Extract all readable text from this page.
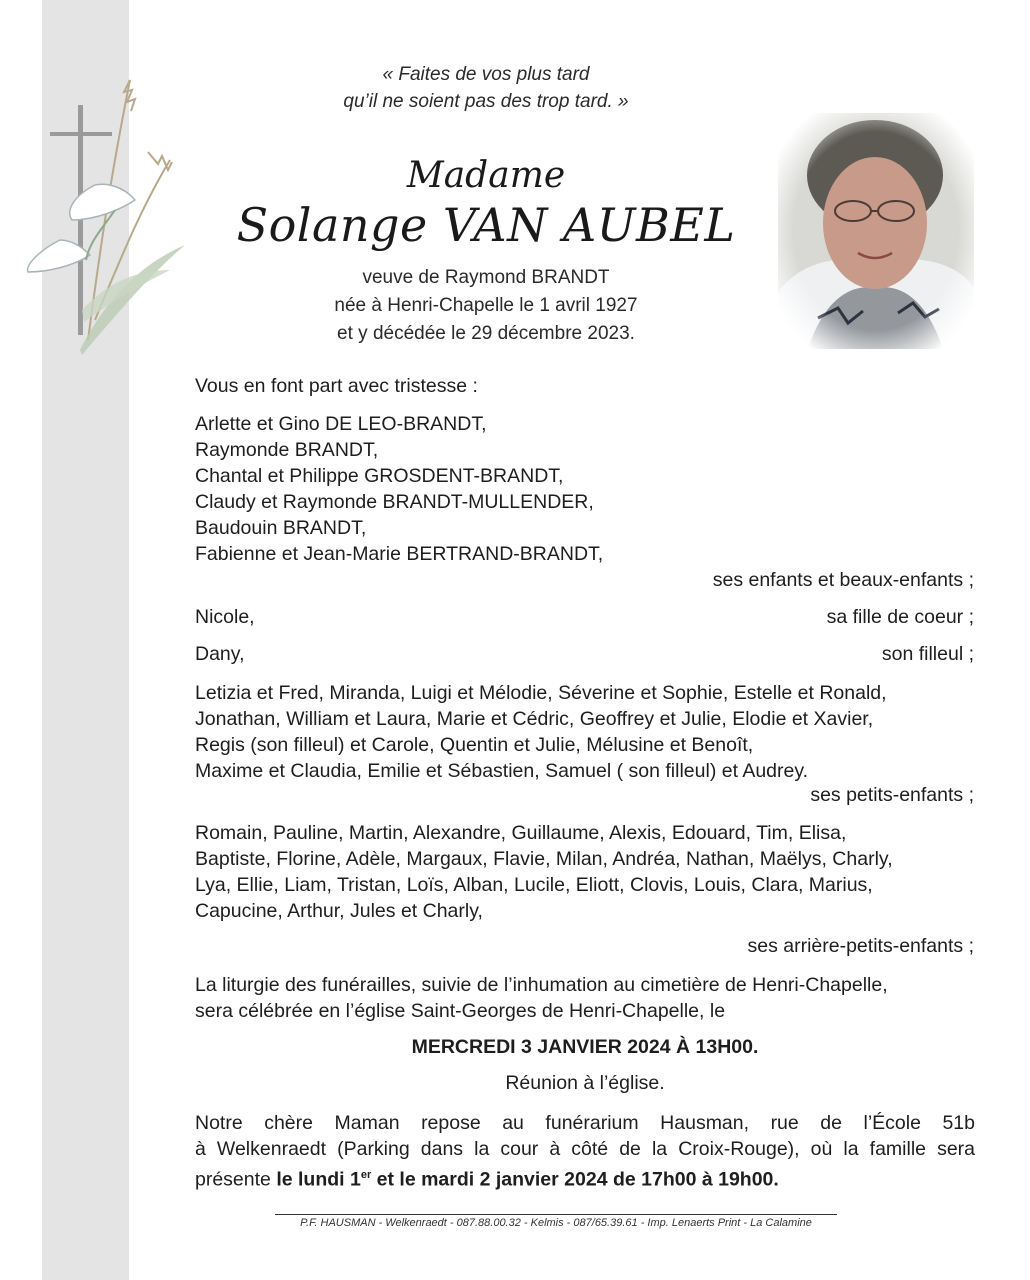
« Faites de vos plus tard
qu’il ne soient pas des trop tard. »
Madame
Solange VAN AUBEL
veuve de Raymond BRANDT
née à Henri-Chapelle le 1 avril 1927
et y décédée le 29 décembre 2023.
Vous en font part avec tristesse :
Arlette et Gino DE LEO-BRANDT,
Raymonde BRANDT,
Chantal et Philippe GROSDENT-BRANDT,
Claudy et Raymonde BRANDT-MULLENDER,
Baudouin BRANDT,
Fabienne et Jean-Marie BERTRAND-BRANDT,
ses enfants et beaux-enfants ;
Nicole,	sa fille de coeur ;
Dany,	son filleul ;
Letizia et Fred, Miranda, Luigi et Mélodie, Séverine et Sophie, Estelle et Ronald,
Jonathan, William et Laura, Marie et Cédric, Geoffrey et Julie, Elodie et Xavier,
Regis (son filleul) et Carole, Quentin et Julie, Mélusine et Benoît,
Maxime et Claudia, Emilie et Sébastien, Samuel ( son filleul) et Audrey.
ses petits-enfants ;
Romain, Pauline, Martin, Alexandre, Guillaume, Alexis, Edouard, Tim, Elisa,
Baptiste, Florine, Adèle, Margaux, Flavie, Milan, Andréa, Nathan, Maëlys, Charly,
Lya, Ellie, Liam, Tristan, Loïs, Alban, Lucile, Eliott, Clovis, Louis, Clara, Marius,
Capucine, Arthur, Jules et Charly,
ses arrière-petits-enfants ;
La liturgie des funérailles, suivie de l’inhumation au cimetière de Henri-Chapelle,
sera célébrée en l’église Saint-Georges de Henri-Chapelle, le
MERCREDI 3 JANVIER 2024 À 13H00.
Réunion à l’église.
Notre chère Maman repose au funérarium Hausman, rue de l’École 51b
à Welkenraedt (Parking dans la cour à côté de la Croix-Rouge), où la famille sera
présente le lundi 1er et le mardi 2 janvier 2024 de 17h00 à 19h00.
P.F. HAUSMAN - Welkenraedt - 087.88.00.32 - Kelmis - 087/65.39.61 - Imp. Lenaerts Print - La Calamine
